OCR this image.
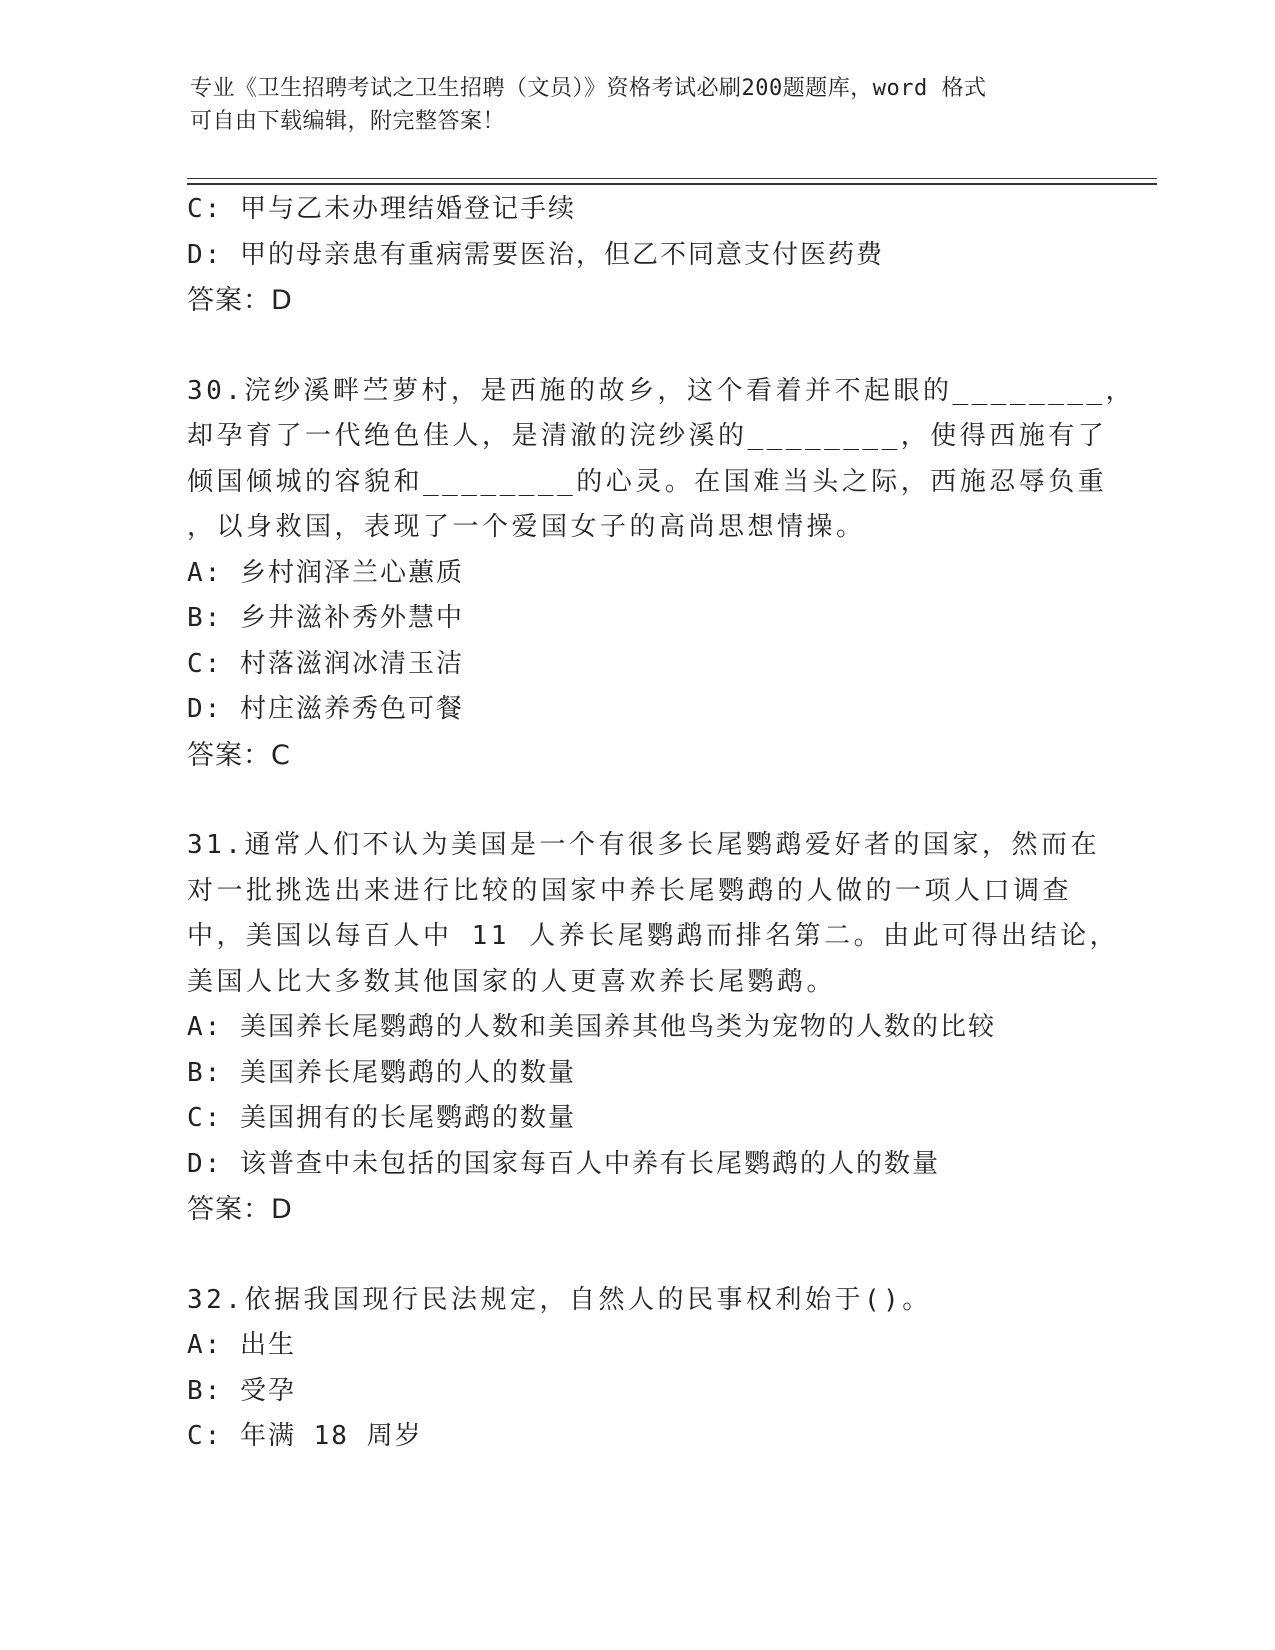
专业《卫生招聘考试之卫生招聘（文员）》资格考试必刷200题题库，word 格式
可自由下载编辑，附完整答案！
C: 甲与乙未办理结婚登记手续
D: 甲的母亲患有重病需要医治，但乙不同意支付医药费
答案：D
30.浣纱溪畔苎萝村，是西施的故乡，这个看着并不起眼的________，
却孕育了一代绝色佳人，是清澈的浣纱溪的________，使得西施有了
倾国倾城的容貌和________的心灵。在国难当头之际，西施忍辱负重
，以身救国，表现了一个爱国女子的高尚思想情操。
A: 乡村润泽兰心蕙质
B: 乡井滋补秀外慧中
C: 村落滋润冰清玉洁
D: 村庄滋养秀色可餐
答案：C
31.通常人们不认为美国是一个有很多长尾鹦鹉爱好者的国家，然而在
对一批挑选出来进行比较的国家中养长尾鹦鹉的人做的一项人口调查
中，美国以每百人中 11 人养长尾鹦鹉而排名第二。由此可得出结论，
美国人比大多数其他国家的人更喜欢养长尾鹦鹉。
A: 美国养长尾鹦鹉的人数和美国养其他鸟类为宠物的人数的比较
B: 美国养长尾鹦鹉的人的数量
C: 美国拥有的长尾鹦鹉的数量
D: 该普查中未包括的国家每百人中养有长尾鹦鹉的人的数量
答案：D
32.依据我国现行民法规定，自然人的民事权利始于()。
A: 出生
B: 受孕
C: 年满 18 周岁
